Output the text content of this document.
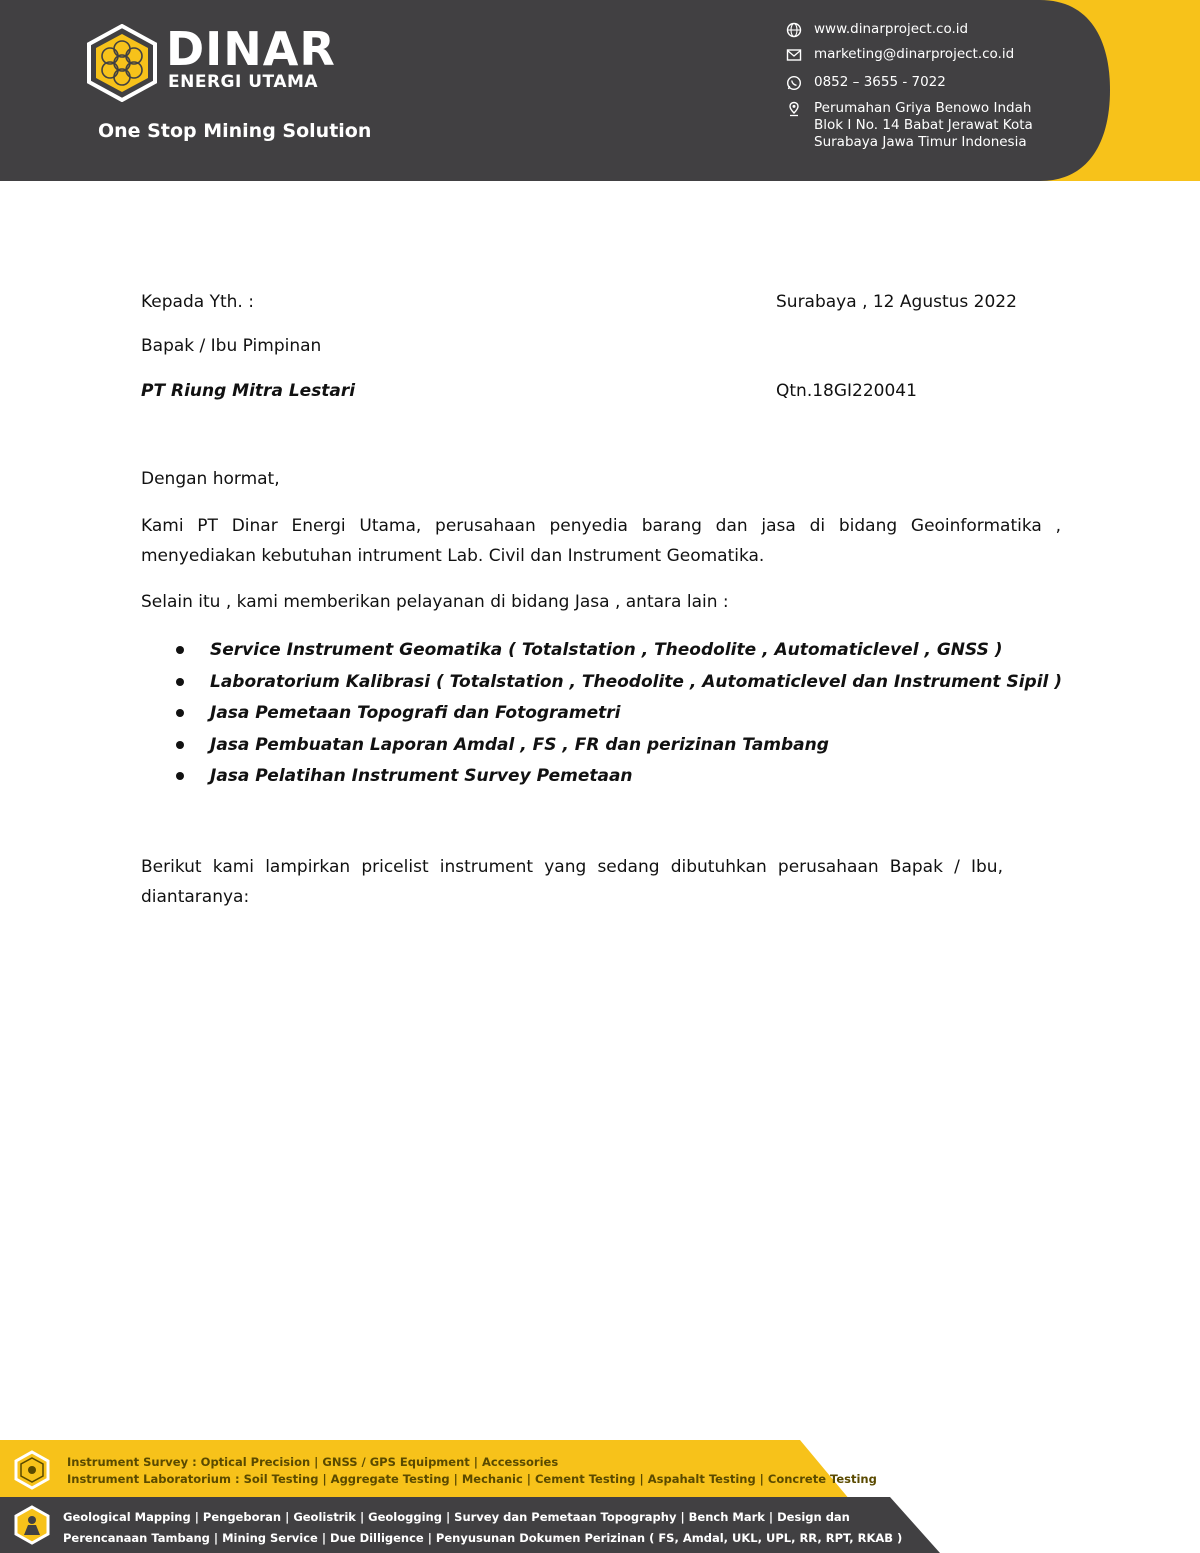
DINAR
ENERGI UTAMA
One Stop Mining Solution
www.dinarproject.co.id
marketing@dinarproject.co.id
0852 – 3655 - 7022
Perumahan Griya Benowo Indah
Blok I No. 14 Babat Jerawat Kota
Surabaya Jawa Timur Indonesia
Kepada Yth. :	Surabaya , 12 Agustus 2022
Bapak / Ibu Pimpinan
PT Riung Mitra Lestari	Qtn.18GI220041
Dengan hormat,
Kami PT Dinar Energi Utama, perusahaan penyedia barang dan jasa di bidang Geoinformatika , menyediakan kebutuhan intrument Lab. Civil dan Instrument Geomatika.
Selain itu , kami memberikan pelayanan di bidang Jasa , antara lain :
Service Instrument Geomatika ( Totalstation , Theodolite , Automaticlevel , GNSS )
Laboratorium Kalibrasi ( Totalstation , Theodolite , Automaticlevel dan Instrument Sipil )
Jasa Pemetaan Topografi dan Fotogrametri
Jasa Pembuatan Laporan Amdal , FS , FR dan perizinan Tambang
Jasa Pelatihan Instrument Survey Pemetaan
Berikut kami lampirkan pricelist instrument yang sedang dibutuhkan perusahaan Bapak / Ibu, diantaranya:
Instrument Survey : Optical Precision | GNSS / GPS Equipment | Accessories
Instrument Laboratorium : Soil Testing | Aggregate Testing | Mechanic | Cement Testing | Aspahalt Testing | Concrete Testing
Geological Mapping | Pengeboran | Geolistrik | Geologging | Survey dan Pemetaan Topography | Bench Mark | Design dan
Perencanaan Tambang | Mining Service | Due Dilligence | Penyusunan Dokumen Perizinan ( FS, Amdal, UKL, UPL, RR, RPT, RKAB )
